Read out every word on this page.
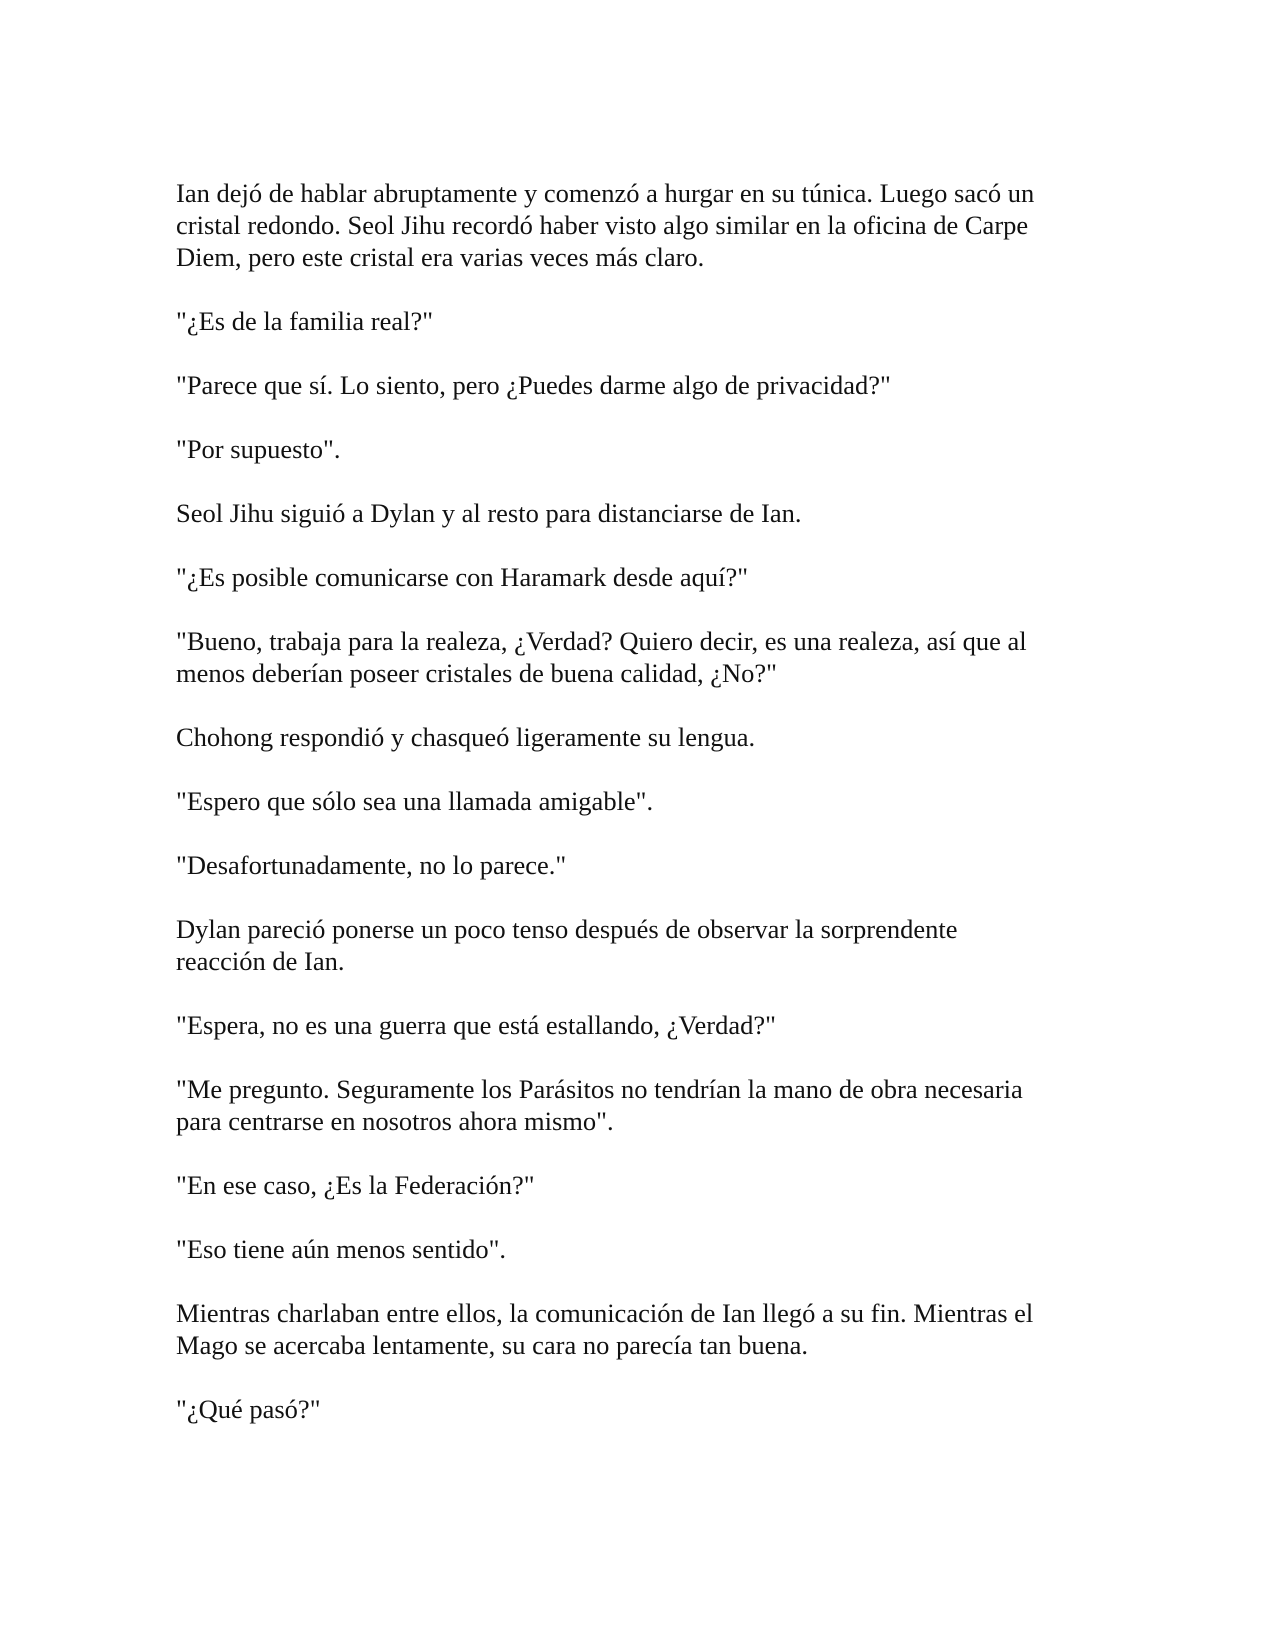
Ian dejó de hablar abruptamente y comenzó a hurgar en su túnica. Luego sacó un
cristal redondo. Seol Jihu recordó haber visto algo similar en la oficina de Carpe
Diem, pero este cristal era varias veces más claro.

"¿Es de la familia real?"

"Parece que sí. Lo siento, pero ¿Puedes darme algo de privacidad?"

"Por supuesto".

Seol Jihu siguió a Dylan y al resto para distanciarse de Ian.

"¿Es posible comunicarse con Haramark desde aquí?"

"Bueno, trabaja para la realeza, ¿Verdad? Quiero decir, es una realeza, así que al
menos deberían poseer cristales de buena calidad, ¿No?"

Chohong respondió y chasqueó ligeramente su lengua.

"Espero que sólo sea una llamada amigable".

"Desafortunadamente, no lo parece."

Dylan pareció ponerse un poco tenso después de observar la sorprendente
reacción de Ian.

"Espera, no es una guerra que está estallando, ¿Verdad?"

"Me pregunto. Seguramente los Parásitos no tendrían la mano de obra necesaria
para centrarse en nosotros ahora mismo".

"En ese caso, ¿Es la Federación?"

"Eso tiene aún menos sentido".

Mientras charlaban entre ellos, la comunicación de Ian llegó a su fin. Mientras el
Mago se acercaba lentamente, su cara no parecía tan buena.

"¿Qué pasó?"
